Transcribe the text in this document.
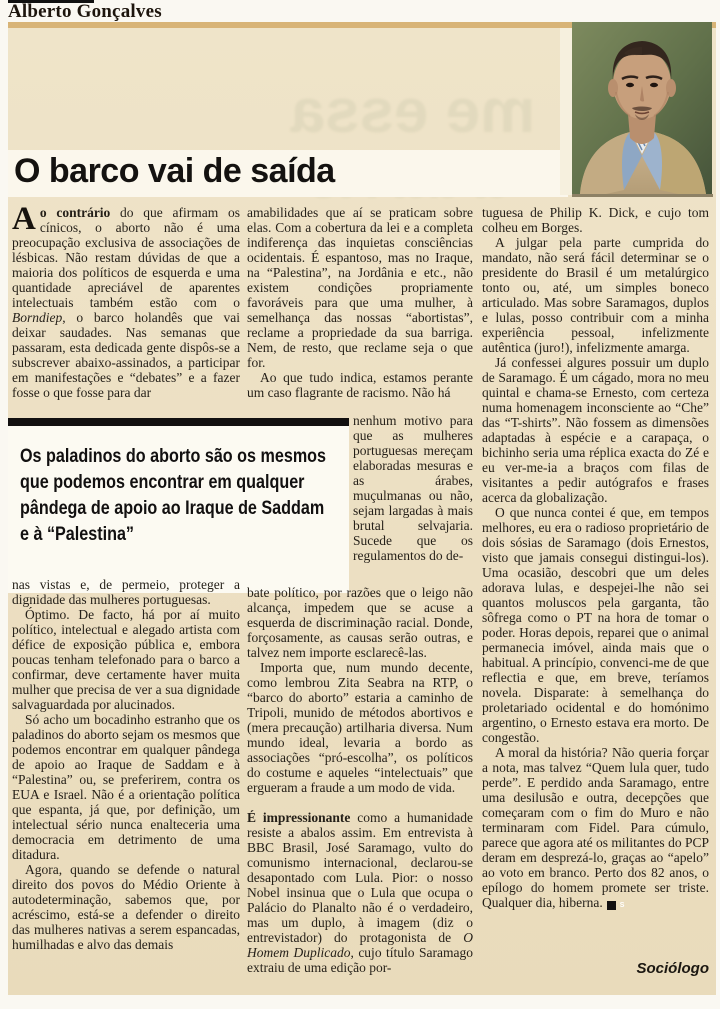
Alberto Gonçalves
me essa
O barco vai de saída

Ao contrário do que afirmam os cínicos, o aborto não é uma preocupação exclusiva de associações de lésbicas. Não restam dúvidas de que a maioria dos políticos de esquerda e uma quantidade apreciável de aparentes intelectuais também estão com o Borndiep, o barco holandês que vai deixar saudades. Nas semanas que passaram, esta dedicada gente dispôs-se a subscrever abaixo-assinados, a participar em manifestações e “debates” e a fazer fosse o que fosse para dar

Os paladinos do aborto são os mesmos
que podemos encontrar em qualquer
pândega de apoio ao Iraque de Saddam
e à “Palestina”

nas vistas e, de permeio, proteger a dignidade das mulheres portuguesas.

Óptimo. De facto, há por aí muito político, intelectual e alegado artista com défice de exposição pública e, embora poucas tenham telefonado para o barco a confirmar, deve certamente haver muita mulher que precisa de ver a sua dignidade salvaguardada por alucinados.

Só acho um bocadinho estranho que os paladinos do aborto sejam os mesmos que podemos encontrar em qualquer pândega de apoio ao Iraque de Saddam e à “Palestina” ou, se preferirem, contra os EUA e Israel. Não é a orientação política que espanta, já que, por definição, um intelectual sério nunca enalteceria uma democracia em detrimento de uma ditadura.

Agora, quando se defende o natural direito dos povos do Médio Oriente à autodeterminação, sabemos que, por acréscimo, está-se a defender o direito das mulheres nativas a serem espancadas, humilhadas e alvo das demais

amabilidades que aí se praticam sobre elas. Com a cobertura da lei e a completa indiferença das inquietas consciências ocidentais. É espantoso, mas no Iraque, na “Palestina”, na Jordânia e etc., não existem condições propriamente favoráveis para que uma mulher, à semelhança das nossas “abortistas”, reclame a propriedade da sua barriga. Nem, de resto, que reclame seja o que for.

Ao que tudo indica, estamos perante um caso flagrante de racismo. Não há

nenhum motivo para que as mulheres portuguesas mereçam elaboradas mesuras e as árabes, muçulmanas ou não, sejam largadas à mais brutal selvajaria. Sucede que os regulamentos do de-

bate político, por razões que o leigo não alcança, impedem que se acuse a esquerda de discriminação racial. Donde, forçosamente, as causas serão outras, e talvez nem importe esclarecê-las.

Importa que, num mundo decente, como lembrou Zita Seabra na RTP, o “barco do aborto” estaria a caminho de Tripoli, munido de métodos abortivos e (mera precaução) artilharia diversa. Num mundo ideal, levaria a bordo as associações “pró-escolha”, os políticos do costume e aqueles “intelectuais” que ergueram a fraude a um modo de vida.

É impressionante como a humanidade resiste a abalos assim. Em entrevista à BBC Brasil, José Saramago, vulto do comunismo internacional, declarou-se desapontado com Lula. Pior: o nosso Nobel insinua que o Lula que ocupa o Palácio do Planalto não é o verdadeiro, mas um duplo, à imagem (diz o entrevistador) do protagonista de O Homem Duplicado, cujo título Saramago extraiu de uma edição por-

tuguesa de Philip K. Dick, e cujo tom colheu em Borges.

A julgar pela parte cumprida do mandato, não será fácil determinar se o presidente do Brasil é um metalúrgico tonto ou, até, um simples boneco articulado. Mas sobre Saramagos, duplos e lulas, posso contribuir com a minha experiência pessoal, infelizmente autêntica (juro!), infelizmente amarga.

Já confessei algures possuir um duplo de Saramago. É um cágado, mora no meu quintal e chama-se Ernesto, com certeza numa homenagem inconsciente ao “Che” das “T-shirts”. Não fossem as dimensões adaptadas à espécie e a carapaça, o bichinho seria uma réplica exacta do Zé e eu ver-me-ia a braços com filas de visitantes a pedir autógrafos e frases acerca da globalização.

O que nunca contei é que, em tempos melhores, eu era o radioso proprietário de dois sósias de Saramago (dois Ernestos, visto que jamais consegui distingui-los). Uma ocasião, descobri que um deles adorava lulas, e despejei-lhe não sei quantos moluscos pela garganta, tão sôfrega como o PT na hora de tomar o poder. Horas depois, reparei que o animal permanecia imóvel, ainda mais que o habitual. A princípio, convenci-me de que reflectia e que, em breve, teríamos novela. Disparate: à semelhança do proletariado ocidental e do homónimo argentino, o Ernesto estava era morto. De congestão.

A moral da história? Não queria forçar a nota, mas talvez “Quem lula quer, tudo perde”. E perdido anda Saramago, entre uma desilusão e outra, decepções que começaram com o fim do Muro e não terminaram com Fidel. Para cúmulo, parece que agora até os militantes do PCP deram em desprezá-lo, graças ao “apelo” ao voto em branco. Perto dos 82 anos, o epílogo do homem promete ser triste. Qualquer dia, hiberna. S

Sociólogo
